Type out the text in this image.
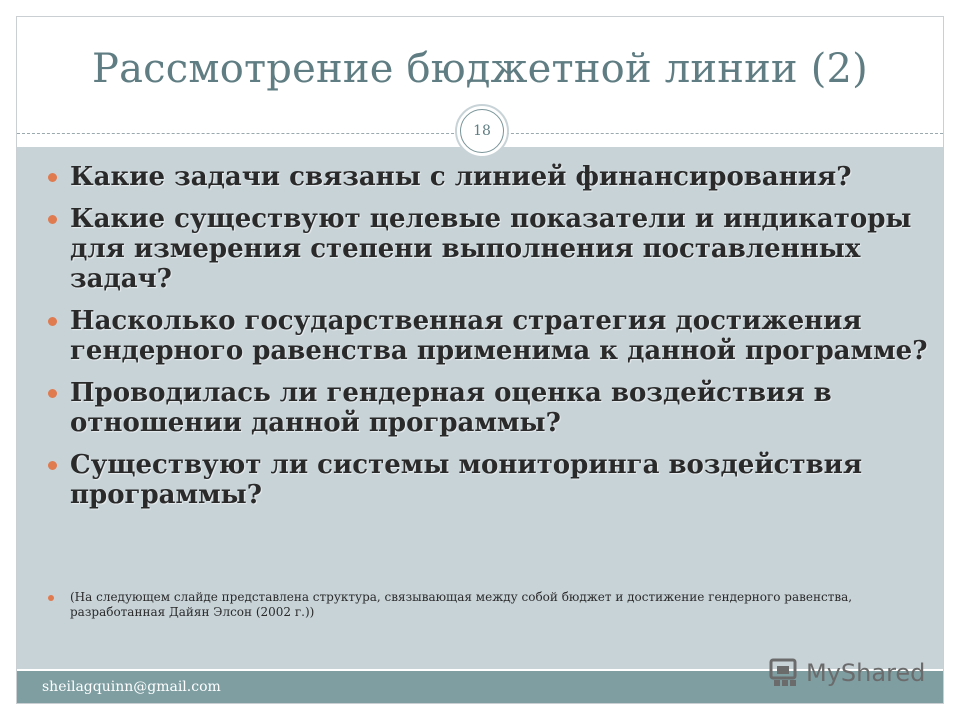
Рассмотрение бюджетной линии (2)
18
Какие задачи связаны с линией финансирования?
Какие существуют целевые показатели и индикаторы для измерения степени выполнения поставленных задач?
Насколько государственная стратегия достижения гендерного равенства применима к данной программе?
Проводилась ли гендерная оценка воздействия в отношении данной программы?
Существуют ли системы мониторинга воздействия программы?
(На следующем слайде представлена структура, связывающая между собой бюджет и достижение гендерного равенства, разработанная Дайян Элсон (2002 г.))
sheilagquinn@gmail.com	MyShared
